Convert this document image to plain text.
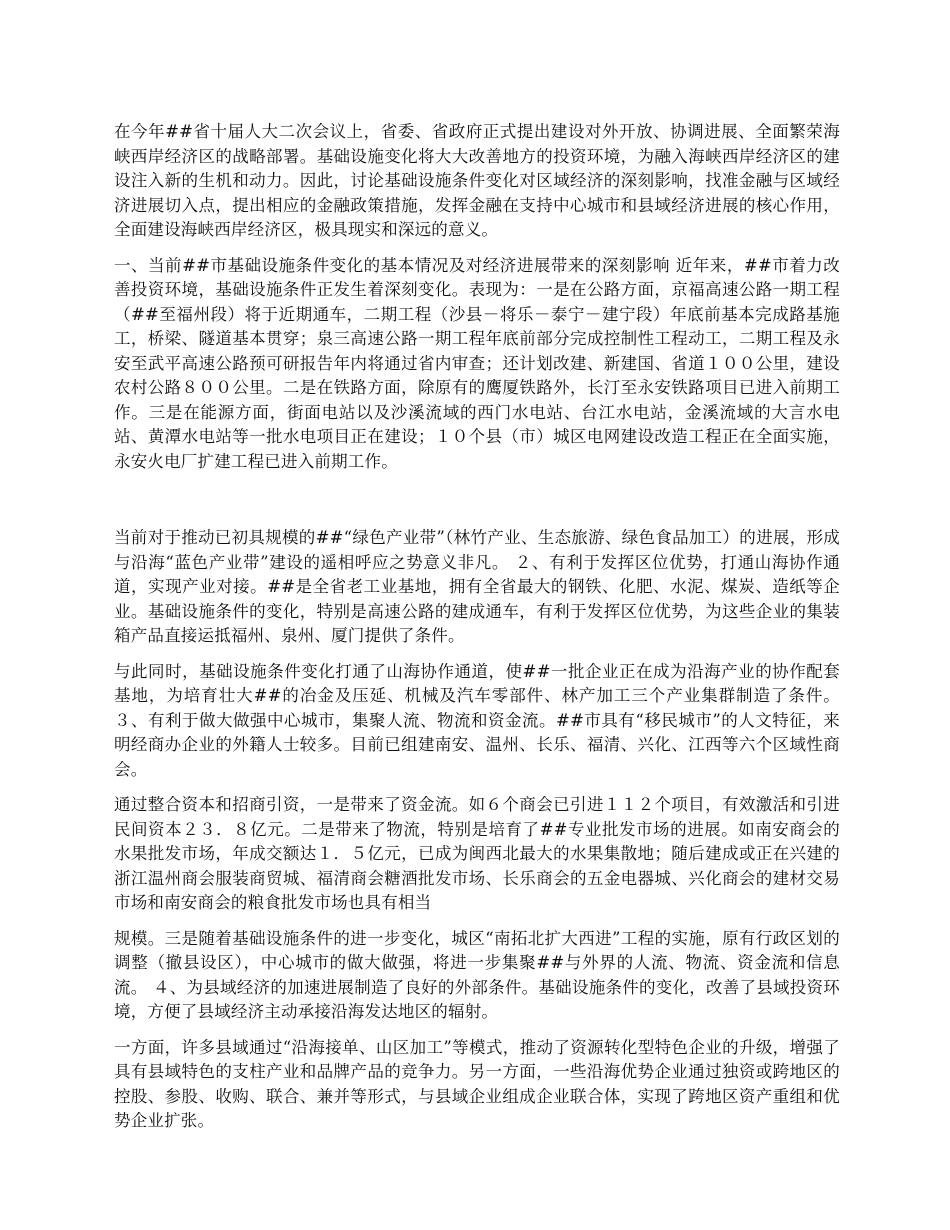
在今年##省十届人大二次会议上，省委、省政府正式提出建设对外开放、协调进展、全面繁荣海峡西岸经济区的战略部署。基础设施变化将大大改善地方的投资环境，为融入海峡西岸经济区的建设注入新的生机和动力。因此，讨论基础设施条件变化对区域经济的深刻影响，找准金融与区域经济进展切入点，提出相应的金融政策措施，发挥金融在支持中心城市和县域经济进展的核心作用，全面建设海峡西岸经济区，极具现实和深远的意义。

一、当前##市基础设施条件变化的基本情况及对经济进展带来的深刻影响 近年来，##市着力改善投资环境，基础设施条件正发生着深刻变化。表现为：一是在公路方面，京福高速公路一期工程（##至福州段）将于近期通车，二期工程（沙县－将乐－泰宁－建宁段）年底前基本完成路基施工，桥梁、隧道基本贯穿；泉三高速公路一期工程年底前部分完成控制性工程动工，二期工程及永安至武平高速公路预可研报告年内将通过省内审查；还计划改建、新建国、省道１００公里，建设农村公路８００公里。二是在铁路方面，除原有的鹰厦铁路外，长汀至永安铁路项目已进入前期工作。三是在能源方面，街面电站以及沙溪流域的西门水电站、台江水电站，金溪流域的大言水电站、黄潭水电站等一批水电项目正在建设；１０个县（市）城区电网建设改造工程正在全面实施，永安火电厂扩建工程已进入前期工作。

当前对于推动已初具规模的##“绿色产业带”（林竹产业、生态旅游、绿色食品加工）的进展，形成与沿海“蓝色产业带”建设的遥相呼应之势意义非凡。 ２、有利于发挥区位优势，打通山海协作通道，实现产业对接。##是全省老工业基地，拥有全省最大的钢铁、化肥、水泥、煤炭、造纸等企业。基础设施条件的变化，特别是高速公路的建成通车，有利于发挥区位优势，为这些企业的集装箱产品直接运抵福州、泉州、厦门提供了条件。

与此同时，基础设施条件变化打通了山海协作通道，使##一批企业正在成为沿海产业的协作配套基地，为培育壮大##的冶金及压延、机械及汽车零部件、林产加工三个产业集群制造了条件。 ３、有利于做大做强中心城市，集聚人流、物流和资金流。##市具有“移民城市”的人文特征，来明经商办企业的外籍人士较多。目前已组建南安、温州、长乐、福清、兴化、江西等六个区域性商会。

通过整合资本和招商引资，一是带来了资金流。如６个商会已引进１１２个项目，有效激活和引进民间资本２３．８亿元。二是带来了物流，特别是培育了##专业批发市场的进展。如南安商会的水果批发市场，年成交额达１．５亿元，已成为闽西北最大的水果集散地；随后建成或正在兴建的浙江温州商会服装商贸城、福清商会糖酒批发市场、长乐商会的五金电器城、兴化商会的建材交易市场和南安商会的粮食批发市场也具有相当

规模。三是随着基础设施条件的进一步变化，城区“南拓北扩大西进”工程的实施，原有行政区划的调整（撤县设区），中心城市的做大做强，将进一步集聚##与外界的人流、物流、资金流和信息流。 ４、为县域经济的加速进展制造了良好的外部条件。基础设施条件的变化，改善了县域投资环境，方便了县域经济主动承接沿海发达地区的辐射。

一方面，许多县域通过“沿海接单、山区加工”等模式，推动了资源转化型特色企业的升级，增强了具有县域特色的支柱产业和品牌产品的竞争力。另一方面，一些沿海优势企业通过独资或跨地区的控股、参股、收购、联合、兼并等形式，与县域企业组成企业联合体，实现了跨地区资产重组和优势企业扩张。
